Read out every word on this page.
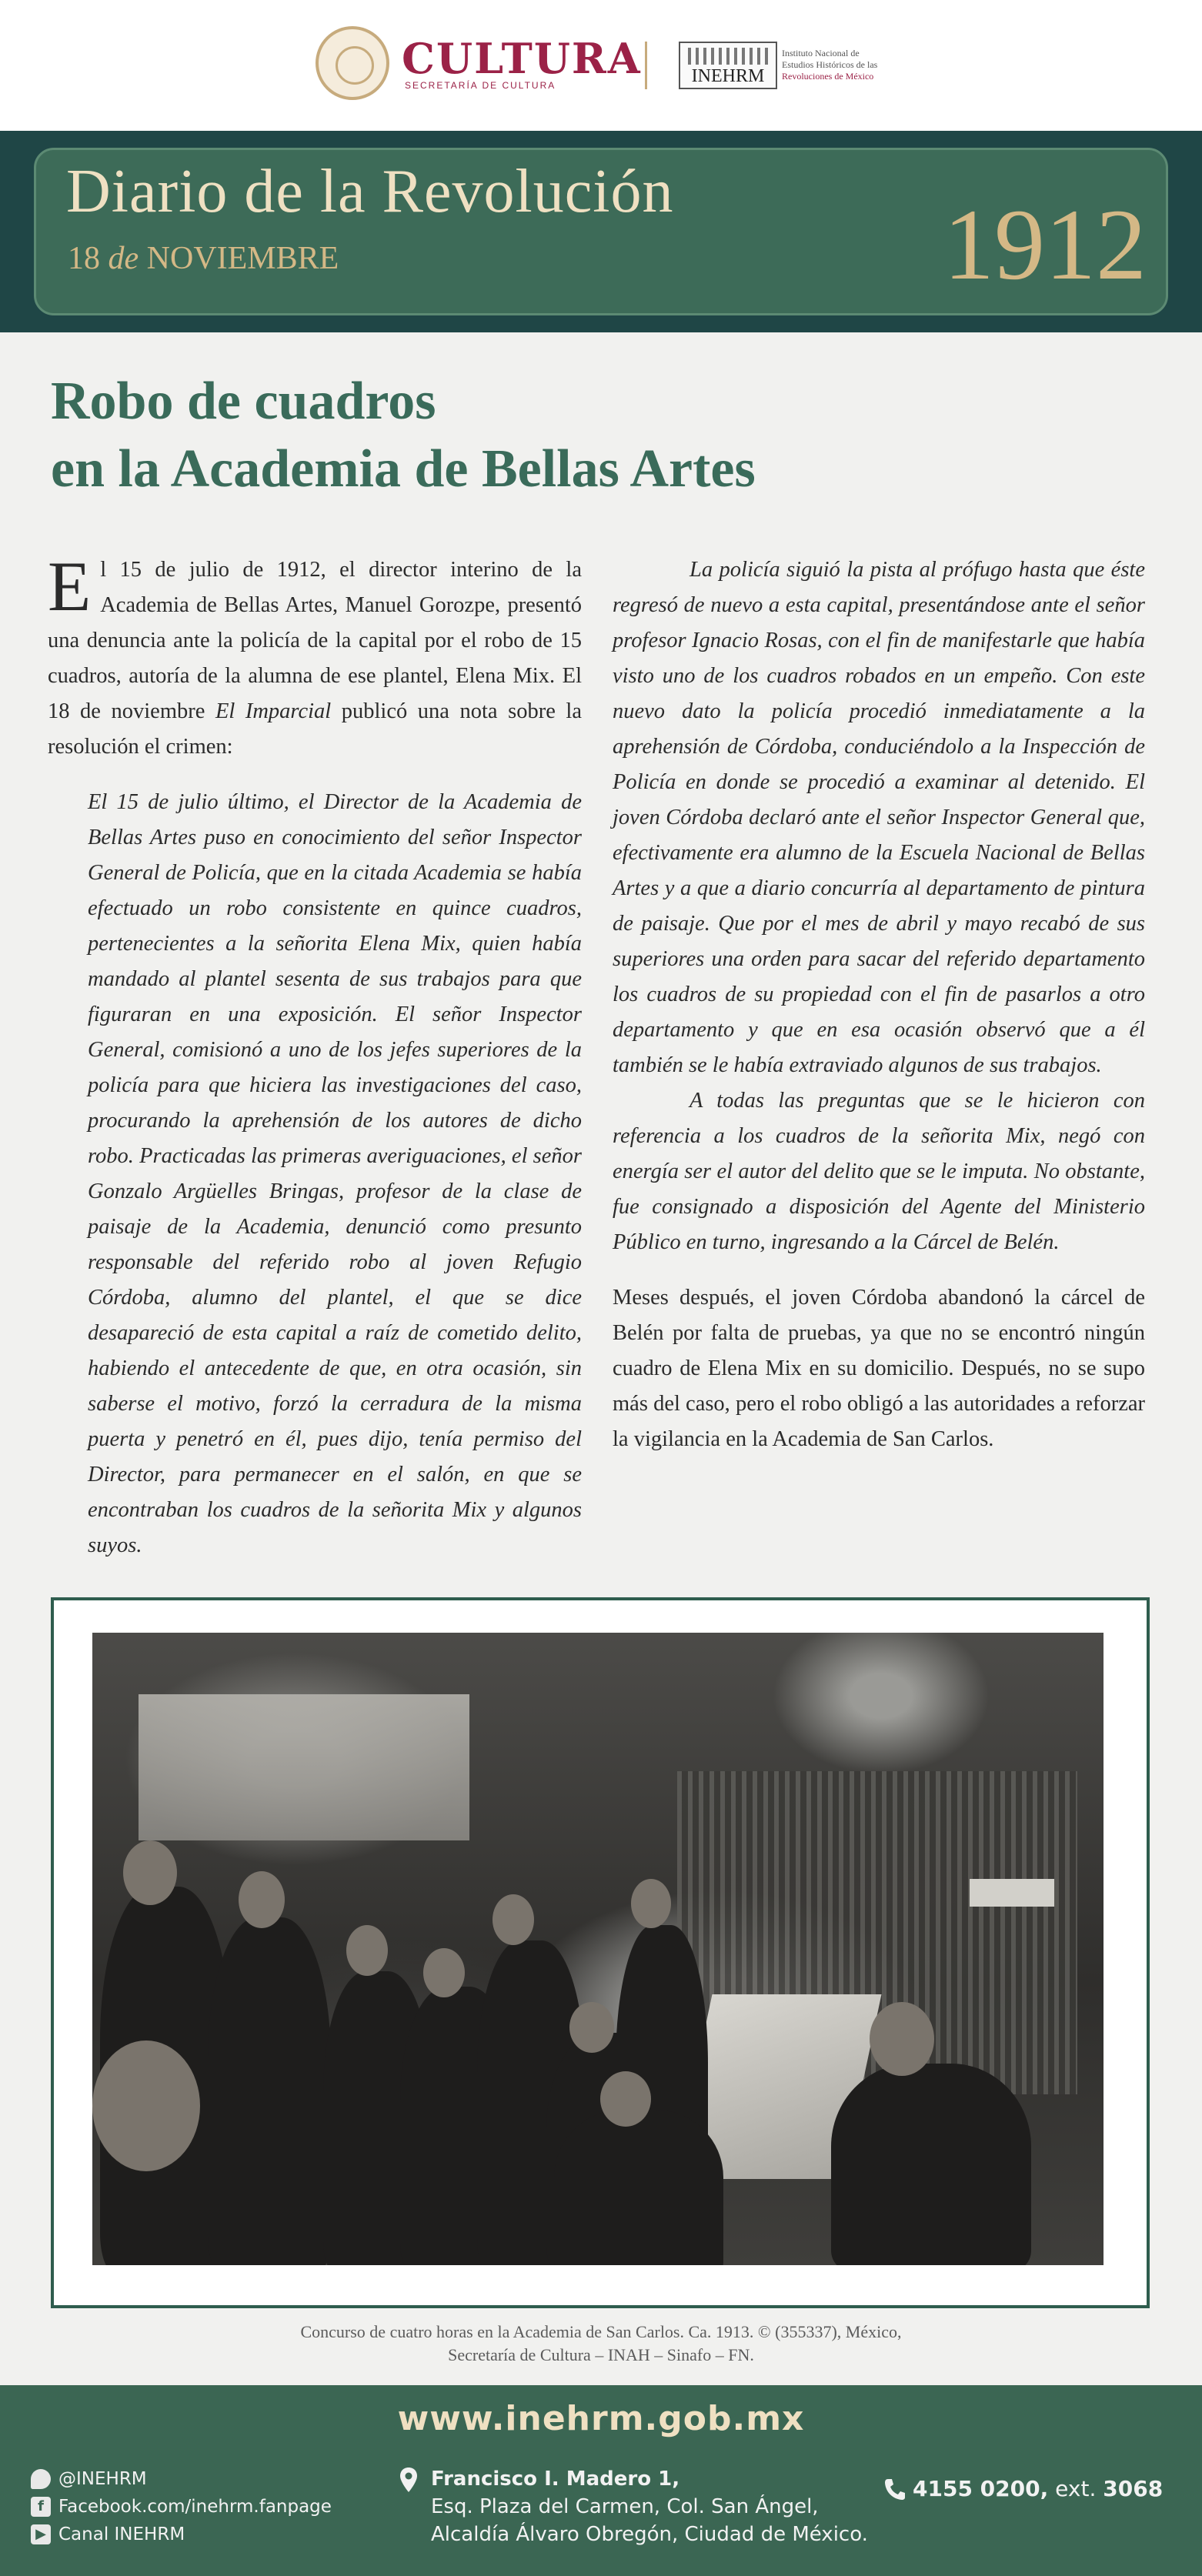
CULTURA
SECRETARÍA DE CULTURA	INEHRM
Instituto Nacional de
Estudios Históricos de las
Revoluciones de México
Diario de la Revolución
18 de NOVIEMBRE	1912
Robo de cuadros
en la Academia de Bellas Artes

El 15 de julio de 1912, el director interino de la Academia de Bellas Artes, Manuel Gorozpe, presentó una denuncia ante la policía de la capital por el robo de 15 cuadros, autoría de la alumna de ese plantel, Elena Mix. El 18 de noviembre El Imparcial publicó una nota sobre la resolución el crimen:

El 15 de julio último, el Director de la Academia de Bellas Artes puso en conocimiento del señor Inspector General de Policía, que en la citada Academia se había efectuado un robo consistente en quince cuadros, pertenecientes a la señorita Elena Mix, quien había mandado al plantel sesenta de sus trabajos para que figuraran en una exposición. El señor Inspector General, comisionó a uno de los jefes superiores de la policía para que hiciera las investigaciones del caso, procurando la aprehensión de los autores de dicho robo. Practicadas las primeras averiguaciones, el señor Gonzalo Argüelles Bringas, profesor de la clase de paisaje de la Academia, denunció como presunto responsable del referido robo al joven Refugio Córdoba, alumno del plantel, el que se dice desapareció de esta capital a raíz de cometido delito, habiendo el antecedente de que, en otra ocasión, sin saberse el motivo, forzó la cerradura de la misma puerta y penetró en él, pues dijo, tenía permiso del Director, para permanecer en el salón, en que se encontraban los cuadros de la señorita Mix y algunos suyos.

La policía siguió la pista al prófugo hasta que éste regresó de nuevo a esta capital, presentándose ante el señor profesor Ignacio Rosas, con el fin de manifestarle que había visto uno de los cuadros robados en un empeño. Con este nuevo dato la policía procedió inmediatamente a la aprehensión de Córdoba, conduciéndolo a la Inspección de Policía en donde se procedió a examinar al detenido. El joven Córdoba declaró ante el señor Inspector General que, efectivamente era alumno de la Escuela Nacional de Bellas Artes y a que a diario concurría al departamento de pintura de paisaje. Que por el mes de abril y mayo recabó de sus superiores una orden para sacar del referido departamento los cuadros de su propiedad con el fin de pasarlos a otro departamento y que en esa ocasión observó que a él también se le había extraviado algunos de sus trabajos.

A todas las preguntas que se le hicieron con referencia a los cuadros de la señorita Mix, negó con energía ser el autor del delito que se le imputa. No obstante, fue consignado a disposición del Agente del Ministerio Público en turno, ingresando a la Cárcel de Belén.

Meses después, el joven Córdoba abandonó la cárcel de Belén por falta de pruebas, ya que no se encontró ningún cuadro de Elena Mix en su domicilio. Después, no se supo más del caso, pero el robo obligó a las autoridades a reforzar la vigilancia en la Academia de San Carlos.

Concurso de cuatro horas en la Academia de San Carlos. Ca. 1913. © (355337), México,
Secretaría de Cultura – INAH – Sinafo – FN.
www.inehrm.gob.mx
@INEHRM
f Facebook.com/inehrm.fanpage
▶ Canal INEHRM
Francisco I. Madero 1,
Esq. Plaza del Carmen, Col. San Ángel,
Alcaldía Álvaro Obregón, Ciudad de México.
4155 0200, ext. 3068
